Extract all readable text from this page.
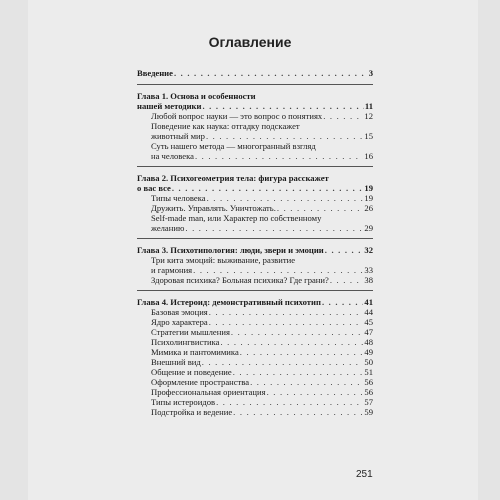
Оглавление
Введение . . .	3
Глава 1. Основа и особенности
нашей методики . . .	11
Любой вопрос науки — это вопрос о понятиях . . .	12
Поведение как наука: отгадку подскажет
животный мир . . .	15
Суть нашего метода — многогранный взгляд
на человека . . .	16
Глава 2. Психогеометрия тела: фигура расскажет
о вас все . . .	19
Типы человека . . .	19
Дружить. Управлять. Уничтожать. . . .	26
Self-made man, или Характер по собственному
желанию . . .	29
Глава 3. Психотипология: люди, звери и эмоции . . .	32
Три кита эмоций: выживание, развитие
и гармония . . .	33
Здоровая психика? Больная психика? Где грани? . . .	38
Глава 4. Истероид: демонстративный психотип . . .	41
Базовая эмоция . . .	44
Ядро характера . . .	45
Стратегии мышления . . .	47
Психолингвистика . . .	48
Мимика и пантомимика . . .	49
Внешний вид . . .	50
Общение и поведение . . .	51
Оформление пространства . . .	56
Профессиональная ориентация . . .	56
Типы истероидов . . .	57
Подстройка и ведение . . .	59
251
